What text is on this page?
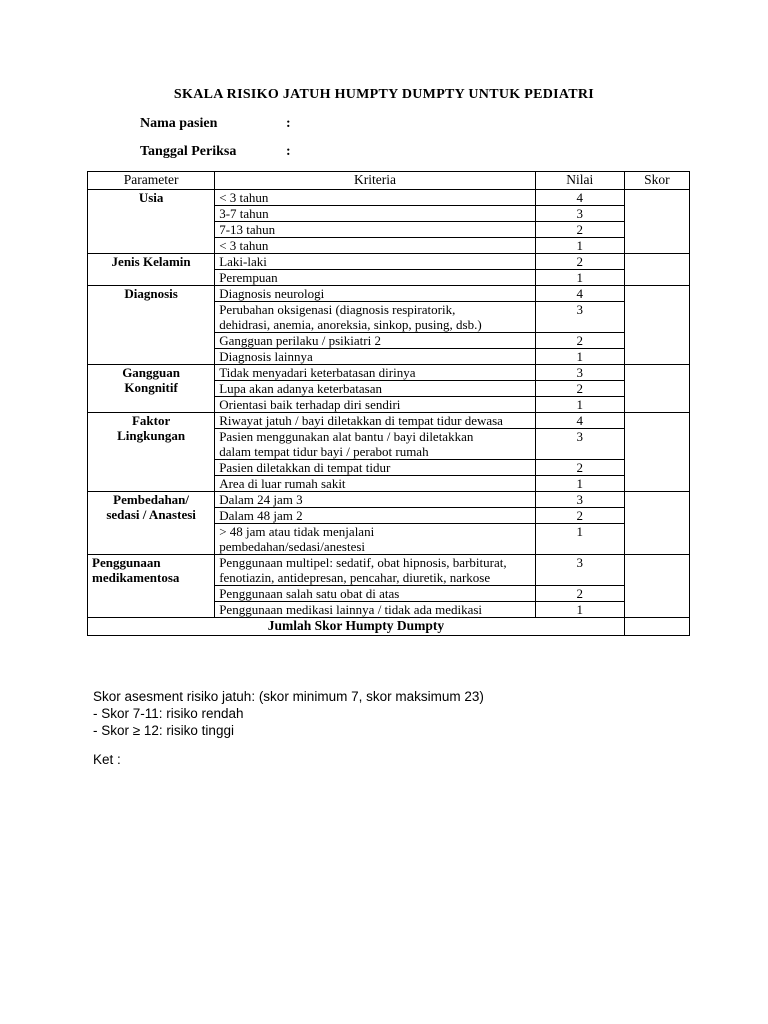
SKALA RISIKO JATUH HUMPTY DUMPTY UNTUK PEDIATRI
Nama pasien	:
Tanggal Periksa	:
Parameter	Kriteria	Nilai	Skor
Usia	< 3 tahun	4	
	3-7 tahun	3	
	7-13 tahun	2	
	< 3 tahun	1	
Jenis Kelamin	Laki-laki	2	
	Perempuan	1	
Diagnosis	Diagnosis neurologi	4	
	Perubahan oksigenasi (diagnosis respiratorik,
dehidrasi, anemia, anoreksia, sinkop, pusing, dsb.)	3	
	Gangguan perilaku / psikiatri 2	2	
	Diagnosis lainnya	1	
Gangguan
Kongnitif	Tidak menyadari keterbatasan dirinya	3	
	Lupa akan adanya keterbatasan	2	
	Orientasi baik terhadap diri sendiri	1	
Faktor
Lingkungan	Riwayat jatuh / bayi diletakkan di tempat tidur dewasa	4	
	Pasien menggunakan alat bantu / bayi diletakkan
dalam tempat tidur bayi / perabot rumah	3	
	Pasien diletakkan di tempat tidur	2	
	Area di luar rumah sakit	1	
Pembedahan/
sedasi / Anastesi	Dalam 24 jam 3	3	
	Dalam 48 jam 2	2	
	> 48 jam atau tidak menjalani
pembedahan/sedasi/anestesi	1	
Penggunaan
medikamentosa	Penggunaan multipel: sedatif, obat hipnosis, barbiturat,
fenotiazin, antidepresan, pencahar, diuretik, narkose	3	
	Penggunaan salah satu obat di atas	2	
	Penggunaan medikasi lainnya / tidak ada medikasi	1	
Jumlah Skor Humpty Dumpty			
Skor asesment risiko jatuh: (skor minimum 7, skor maksimum 23)
- Skor 7-11: risiko rendah
- Skor ≥ 12: risiko tinggi
Ket :
